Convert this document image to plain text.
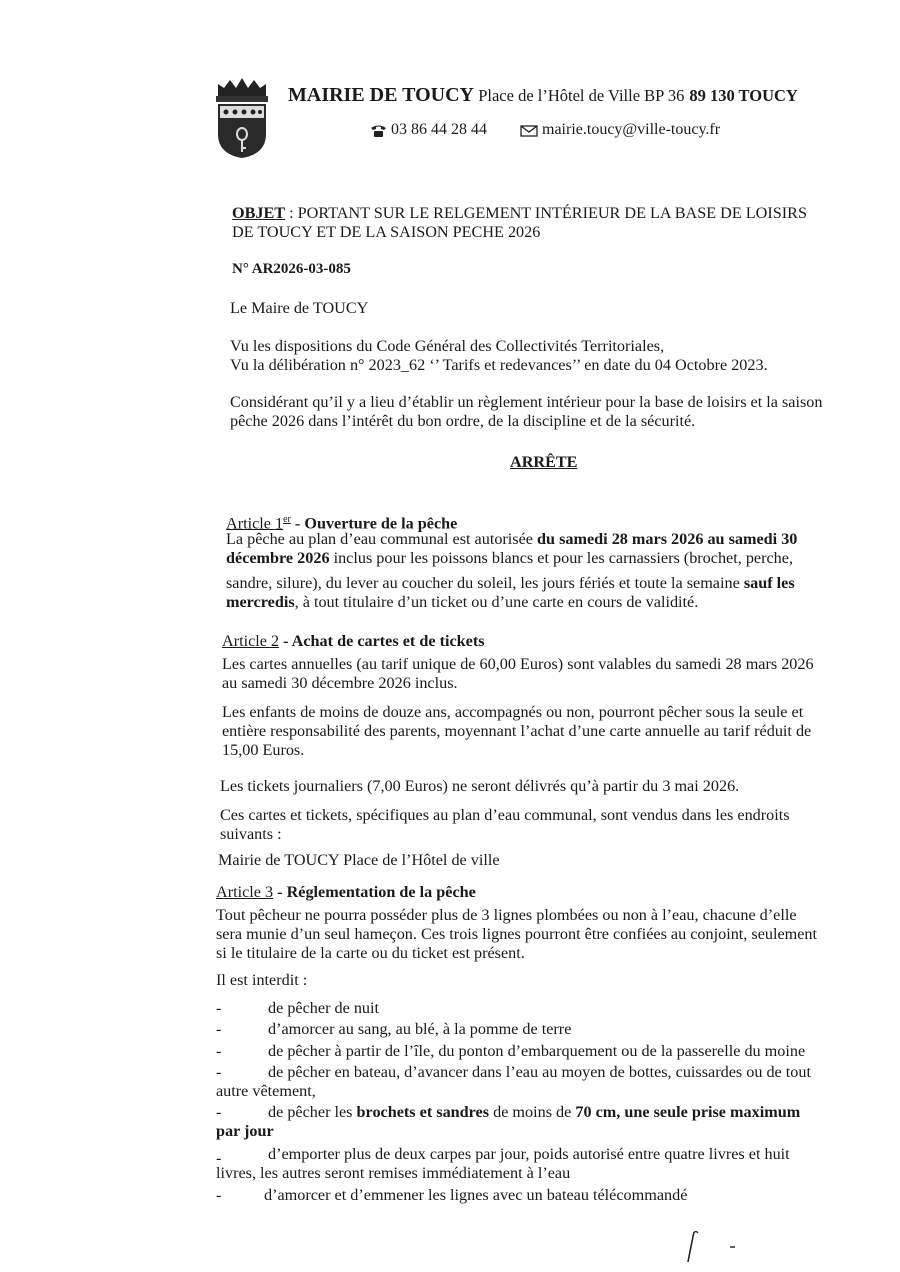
MAIRIE DE TOUCY Place de l’Hôtel de Ville BP 36 89 130 TOUCY
03 86 44 28 44	mairie.toucy@ville-toucy.fr
OBJET : PORTANT SUR LE RELGEMENT INTÉRIEUR DE LA BASE DE LOISIRS
DE TOUCY ET DE LA SAISON PECHE 2026
N° AR2026-03-085
Le Maire de TOUCY
Vu les dispositions du Code Général des Collectivités Territoriales,
Vu la délibération n° 2023_62 ‘’ Tarifs et redevances’’ en date du 04 Octobre 2023.
Considérant qu’il y a lieu d’établir un règlement intérieur pour la base de loisirs et la saison
pêche 2026 dans l’intérêt du bon ordre, de la discipline et de la sécurité.
ARRÊTE
Article 1er - Ouverture de la pêche
La pêche au plan d’eau communal est autorisée du samedi 28 mars 2026 au samedi 30
décembre 2026 inclus pour les poissons blancs et pour les carnassiers (brochet, perche,
sandre, silure), du lever au coucher du soleil, les jours fériés et toute la semaine sauf les
mercredis, à tout titulaire d’un ticket ou d’une carte en cours de validité.
Article 2 - Achat de cartes et de tickets
Les cartes annuelles (au tarif unique de 60,00 Euros) sont valables du samedi 28 mars 2026
au samedi 30 décembre 2026 inclus.
Les enfants de moins de douze ans, accompagnés ou non, pourront pêcher sous la seule et
entière responsabilité des parents, moyennant l’achat d’une carte annuelle au tarif réduit de
15,00 Euros.
Les tickets journaliers (7,00 Euros) ne seront délivrés qu’à partir du 3 mai 2026.
Ces cartes et tickets, spécifiques au plan d’eau communal, sont vendus dans les endroits
suivants :
Mairie de TOUCY Place de l’Hôtel de ville
Article 3 - Réglementation de la pêche
Tout pêcheur ne pourra posséder plus de 3 lignes plombées ou non à l’eau, chacune d’elle
sera munie d’un seul hameçon. Ces trois lignes pourront être confiées au conjoint, seulement
si le titulaire de la carte ou du ticket est présent.
Il est interdit :
-	de pêcher de nuit
-	d’amorcer au sang, au blé, à la pomme de terre
-	de pêcher à partir de l’île, du ponton d’embarquement ou de la passerelle du moine
-	de pêcher en bateau, d’avancer dans l’eau au moyen de bottes, cuissardes ou de tout
autre vêtement,
-	de pêcher les brochets et sandres de moins de 70 cm, une seule prise maximum
par jour
d’emporter plus de deux carpes par jour, poids autorisé entre quatre livres et huit
-
livres, les autres seront remises immédiatement à l’eau
-	d’amorcer et d’emmener les lignes avec un bateau télécommandé
